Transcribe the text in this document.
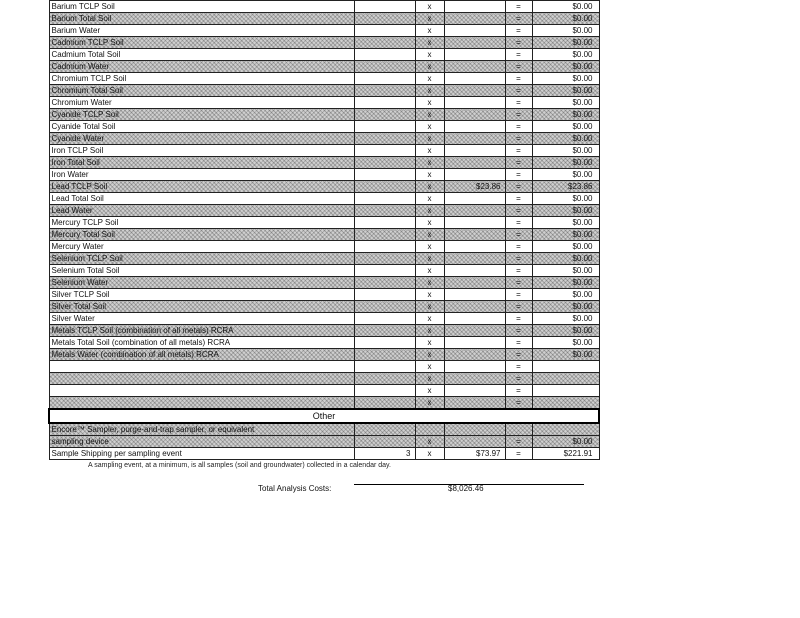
Barium TCLP Soil		x		=	$0.00
Barium Total Soil		x		=	$0.00
Barium Water		x		=	$0.00
Cadmium TCLP Soil		x		=	$0.00
Cadmium Total Soil		x		=	$0.00
Cadmium Water		x		=	$0.00
Chromium TCLP Soil		x		=	$0.00
Chromium Total Soil		x		=	$0.00
Chromium Water		x		=	$0.00
Cyanide TCLP Soil		x		=	$0.00
Cyanide Total Soil		x		=	$0.00
Cyanide Water		x		=	$0.00
Iron TCLP Soil		x		=	$0.00
Iron Total Soil		x		=	$0.00
Iron Water		x		=	$0.00
Lead TCLP Soil		x	$23.86	=	$23.86
Lead Total Soil		x		=	$0.00
Lead Water		x		=	$0.00
Mercury TCLP Soil		x		=	$0.00
Mercury Total Soil		x		=	$0.00
Mercury Water		x		=	$0.00
Selenium TCLP Soil		x		=	$0.00
Selenium Total Soil		x		=	$0.00
Selenium Water		x		=	$0.00
Silver TCLP Soil		x		=	$0.00
Silver Total Soil		x		=	$0.00
Silver Water		x		=	$0.00
Metals TCLP Soil (combination of all metals) RCRA		x		=	$0.00
Metals Total Soil (combination of all metals) RCRA		x		=	$0.00
Metals Water (combination of all metals) RCRA		x		=	$0.00
		x		=	
		x		=	
		x		=	
		x		=	
Other					
Encore™ Sampler, purge-and-trap sampler, or equivalent					
sampling device		x		=	$0.00
Sample Shipping per sampling event	3	x	$73.97	=	$221.91
A sampling event, at a minimum, is all samples (soil and groundwater) collected in a calendar day.
Total Analysis Costs:	$8,026.46
